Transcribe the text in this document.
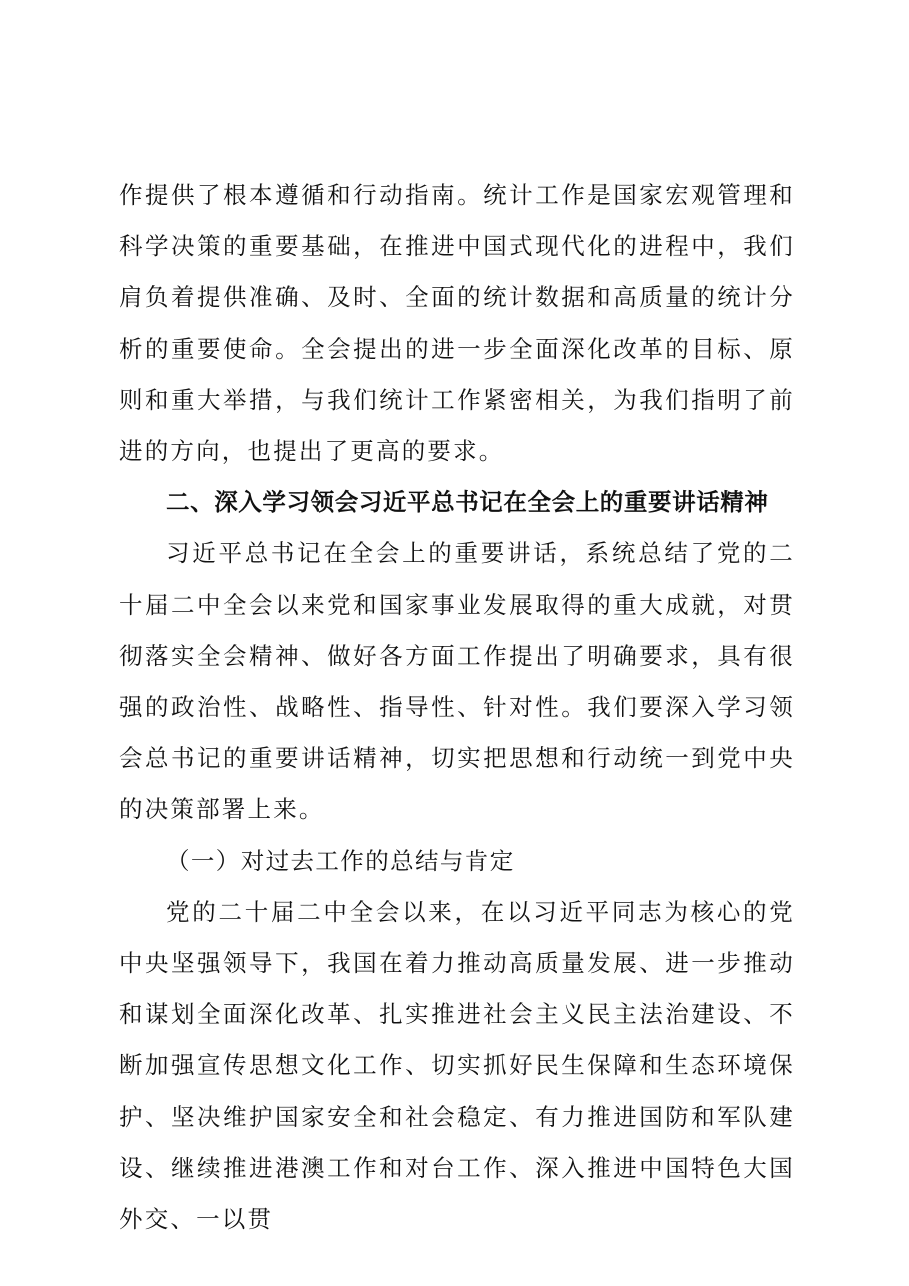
作提供了根本遵循和行动指南。统计工作是国家宏观管理和科学决策的重要基础，在推进中国式现代化的进程中，我们肩负着提供准确、及时、全面的统计数据和高质量的统计分析的重要使命。全会提出的进一步全面深化改革的目标、原则和重大举措，与我们统计工作紧密相关，为我们指明了前进的方向，也提出了更高的要求。

二、深入学习领会习近平总书记在全会上的重要讲话精神

习近平总书记在全会上的重要讲话，系统总结了党的二十届二中全会以来党和国家事业发展取得的重大成就，对贯彻落实全会精神、做好各方面工作提出了明确要求，具有很强的政治性、战略性、指导性、针对性。我们要深入学习领会总书记的重要讲话精神，切实把思想和行动统一到党中央的决策部署上来。

（一）对过去工作的总结与肯定

党的二十届二中全会以来，在以习近平同志为核心的党中央坚强领导下，我国在着力推动高质量发展、进一步推动和谋划全面深化改革、扎实推进社会主义民主法治建设、不断加强宣传思想文化工作、切实抓好民生保障和生态环境保护、坚决维护国家安全和社会稳定、有力推进国防和军队建设、继续推进港澳工作和对台工作、深入推进中国特色大国外交、一以贯
